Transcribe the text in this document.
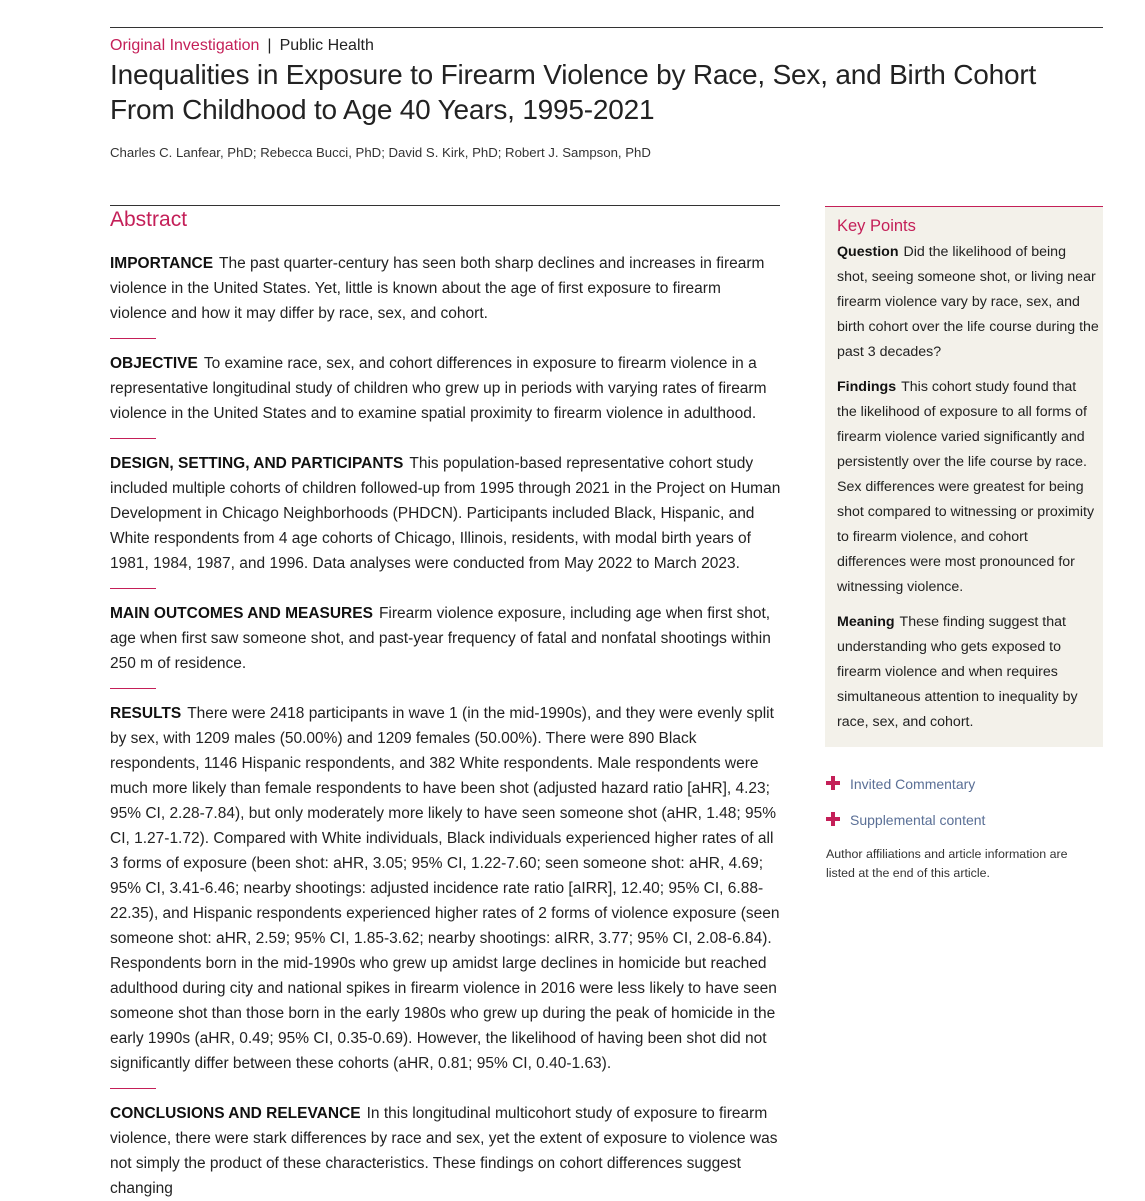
Original Investigation | Public Health
Inequalities in Exposure to Firearm Violence by Race, Sex, and Birth Cohort From Childhood to Age 40 Years, 1995-2021
Charles C. Lanfear, PhD; Rebecca Bucci, PhD; David S. Kirk, PhD; Robert J. Sampson, PhD
Abstract

IMPORTANCE The past quarter-century has seen both sharp declines and increases in firearm violence in the United States. Yet, little is known about the age of first exposure to firearm violence and how it may differ by race, sex, and cohort.

OBJECTIVE To examine race, sex, and cohort differences in exposure to firearm violence in a representative longitudinal study of children who grew up in periods with varying rates of firearm violence in the United States and to examine spatial proximity to firearm violence in adulthood.

DESIGN, SETTING, AND PARTICIPANTS This population-based representative cohort study included multiple cohorts of children followed-up from 1995 through 2021 in the Project on Human Development in Chicago Neighborhoods (PHDCN). Participants included Black, Hispanic, and White respondents from 4 age cohorts of Chicago, Illinois, residents, with modal birth years of 1981, 1984, 1987, and 1996. Data analyses were conducted from May 2022 to March 2023.

MAIN OUTCOMES AND MEASURES Firearm violence exposure, including age when first shot, age when first saw someone shot, and past-year frequency of fatal and nonfatal shootings within 250 m of residence.

RESULTS There were 2418 participants in wave 1 (in the mid-1990s), and they were evenly split by sex, with 1209 males (50.00%) and 1209 females (50.00%). There were 890 Black respondents, 1146 Hispanic respondents, and 382 White respondents. Male respondents were much more likely than female respondents to have been shot (adjusted hazard ratio [aHR], 4.23; 95% CI, 2.28-7.84), but only moderately more likely to have seen someone shot (aHR, 1.48; 95% CI, 1.27-1.72). Compared with White individuals, Black individuals experienced higher rates of all 3 forms of exposure (been shot: aHR, 3.05; 95% CI, 1.22-7.60; seen someone shot: aHR, 4.69; 95% CI, 3.41-6.46; nearby shootings: adjusted incidence rate ratio [aIRR], 12.40; 95% CI, 6.88-22.35), and Hispanic respondents experienced higher rates of 2 forms of violence exposure (seen someone shot: aHR, 2.59; 95% CI, 1.85-3.62; nearby shootings: aIRR, 3.77; 95% CI, 2.08-6.84). Respondents born in the mid-1990s who grew up amidst large declines in homicide but reached adulthood during city and national spikes in firearm violence in 2016 were less likely to have seen someone shot than those born in the early 1980s who grew up during the peak of homicide in the early 1990s (aHR, 0.49; 95% CI, 0.35-0.69). However, the likelihood of having been shot did not significantly differ between these cohorts (aHR, 0.81; 95% CI, 0.40-1.63).

CONCLUSIONS AND RELEVANCE In this longitudinal multicohort study of exposure to firearm violence, there were stark differences by race and sex, yet the extent of exposure to violence was not simply the product of these characteristics. These findings on cohort differences suggest changing

Key Points

Question Did the likelihood of being shot, seeing someone shot, or living near firearm violence vary by race, sex, and birth cohort over the life course during the past 3 decades?

Findings This cohort study found that the likelihood of exposure to all forms of firearm violence varied significantly and persistently over the life course by race. Sex differences were greatest for being shot compared to witnessing or proximity to firearm violence, and cohort differences were most pronounced for witnessing violence.

Meaning These finding suggest that understanding who gets exposed to firearm violence and when requires simultaneous attention to inequality by race, sex, and cohort.

Invited Commentary
Supplemental content
Author affiliations and article information are listed at the end of this article.
